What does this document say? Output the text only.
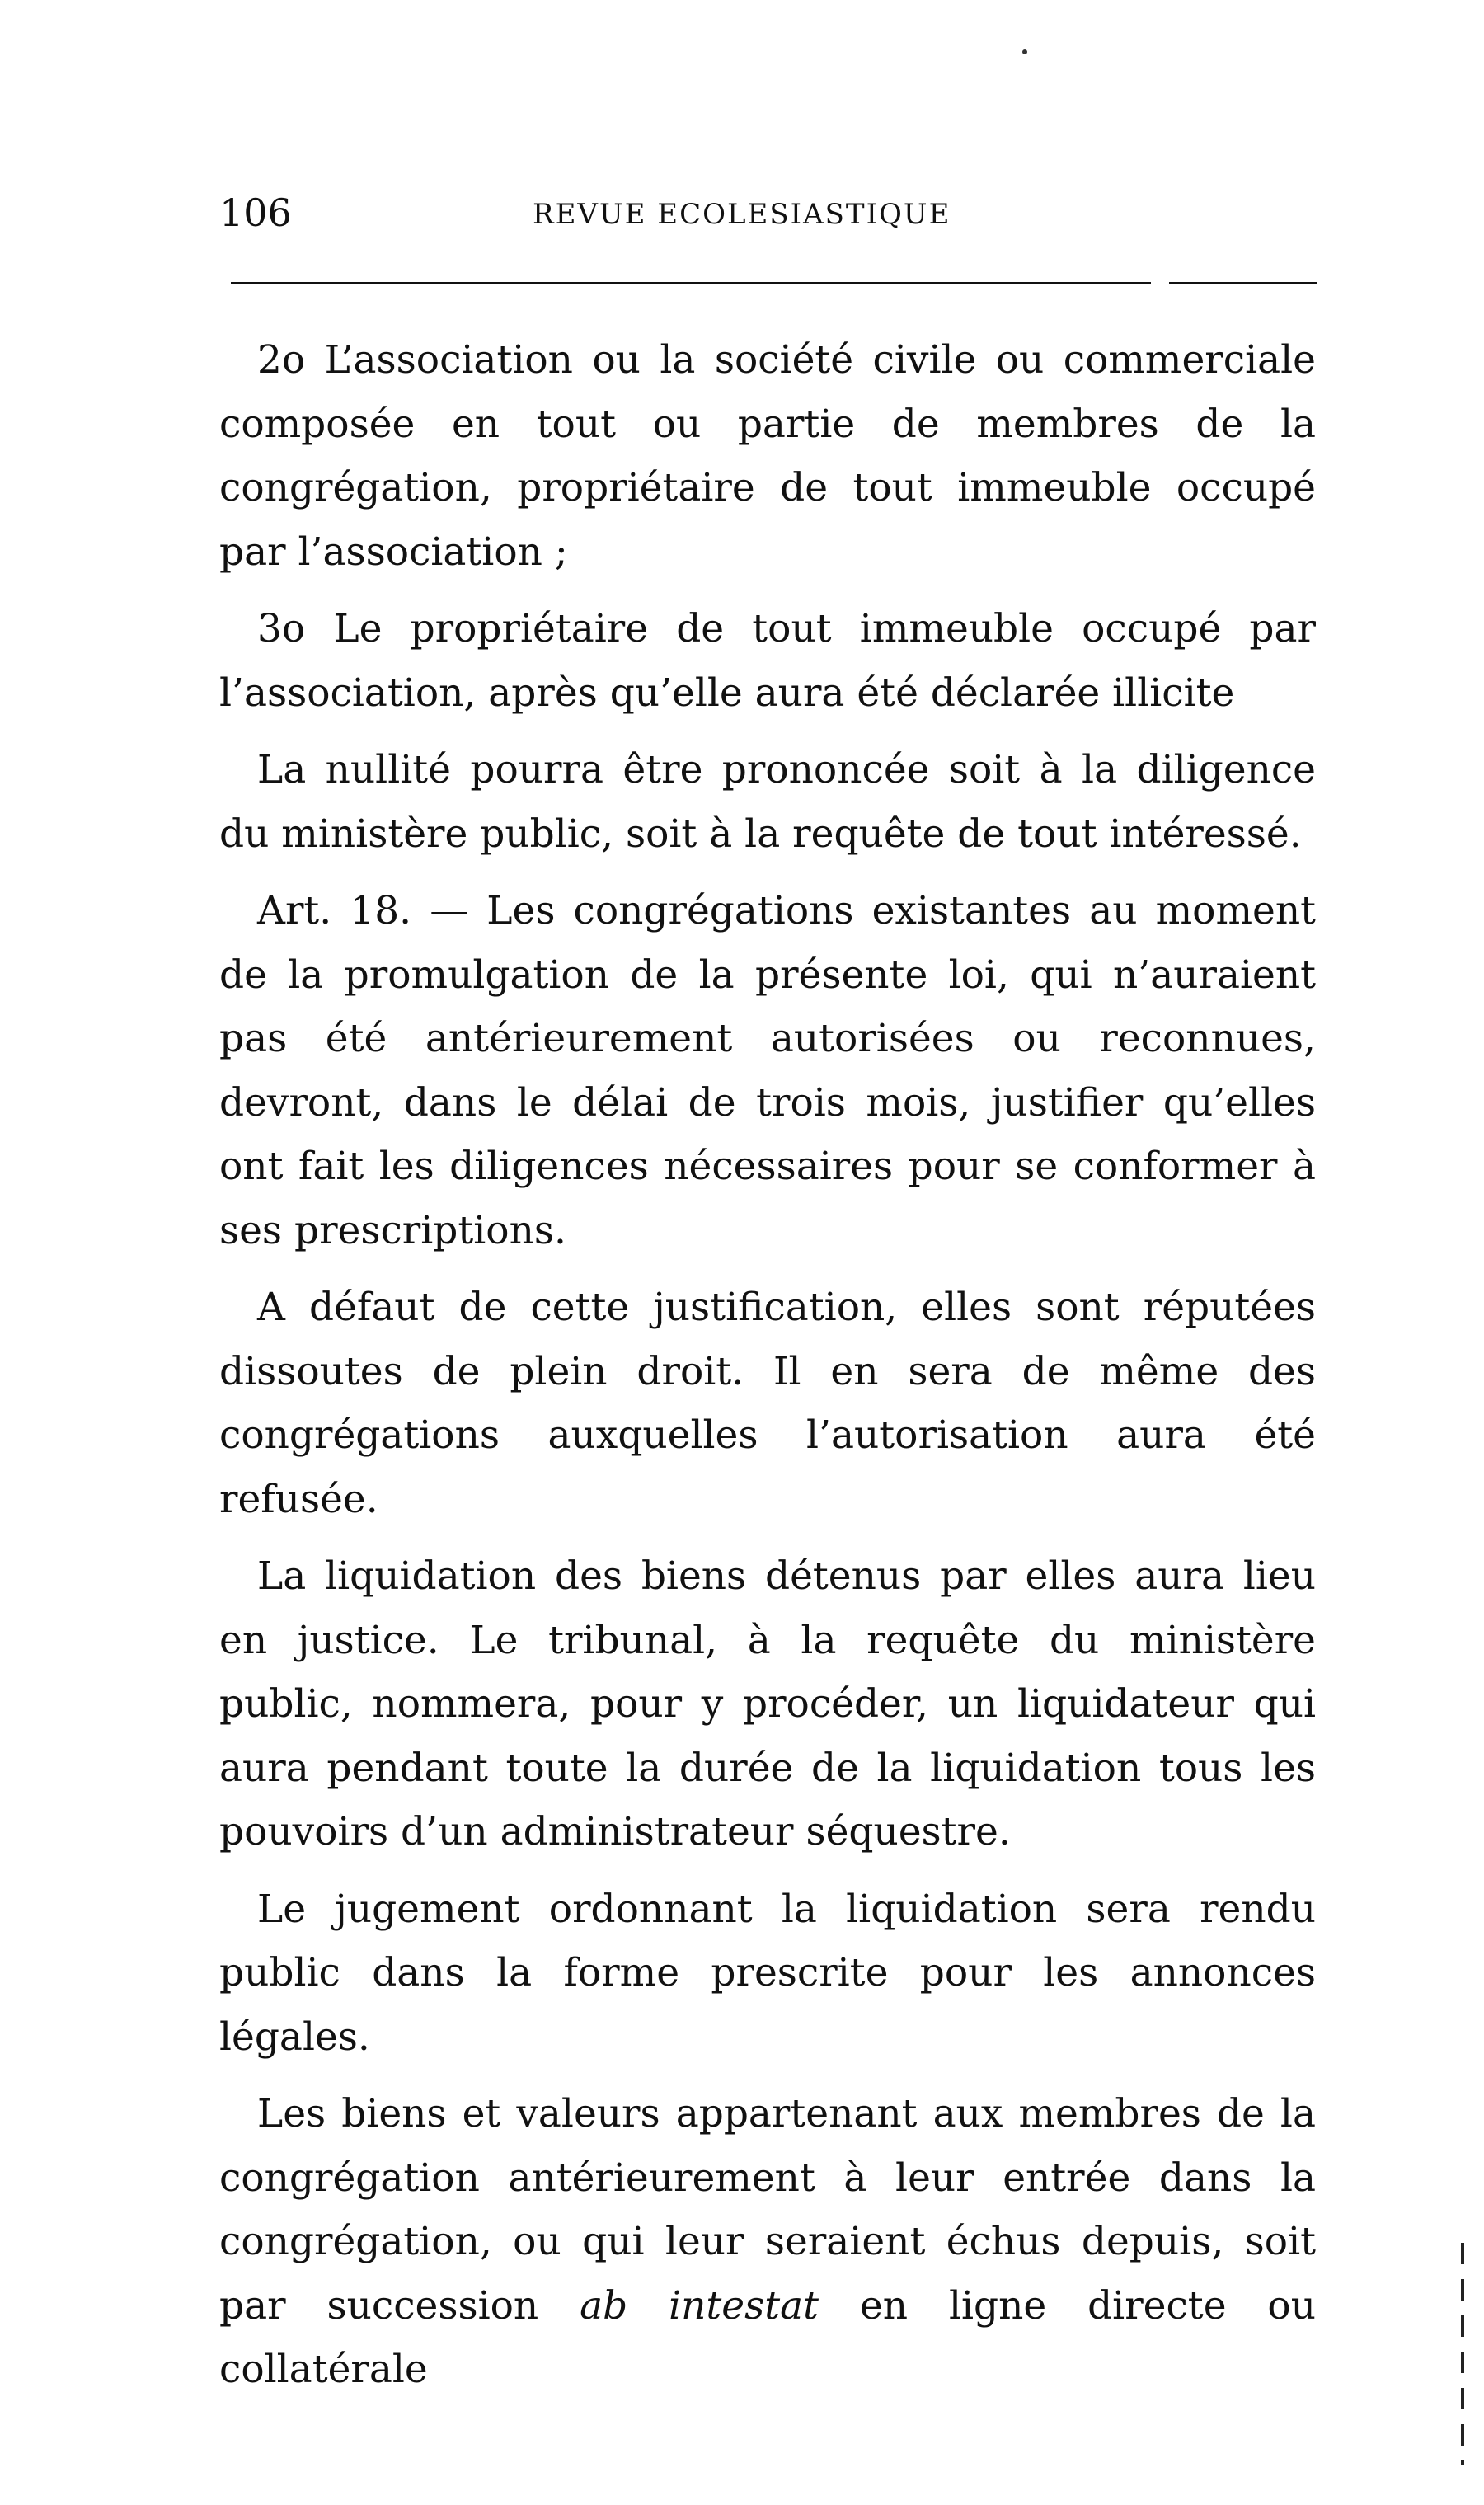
106	REVUE ECOLESIASTIQUE

2o L’association ou la société civile ou commerciale composée en tout ou partie de membres de la congrégation, propriétaire de tout immeuble occupé par l’association ;

3o Le propriétaire de tout immeuble occupé par l’association, après qu’elle aura été déclarée illicite

La nullité pourra être prononcée soit à la diligence du ministère public, soit à la requête de tout intéressé.

Art. 18. — Les congrégations existantes au moment de la promulgation de la présente loi, qui n’auraient pas été antérieurement autorisées ou reconnues, devront, dans le délai de trois mois, justifier qu’elles ont fait les diligences nécessaires pour se conformer à ses prescriptions.

A défaut de cette justification, elles sont réputées dissoutes de plein droit. Il en sera de même des congrégations auxquelles l’autorisation aura été refusée.

La liquidation des biens détenus par elles aura lieu en justice. Le tribunal, à la requête du ministère public, nommera, pour y procéder, un liquidateur qui aura pendant toute la durée de la liquidation tous les pouvoirs d’un administrateur séquestre.

Le jugement ordonnant la liquidation sera rendu public dans la forme prescrite pour les annonces légales.

Les biens et valeurs appartenant aux membres de la congrégation antérieurement à leur entrée dans la congrégation, ou qui leur seraient échus depuis, soit par succession ab intestat en ligne directe ou collatérale
